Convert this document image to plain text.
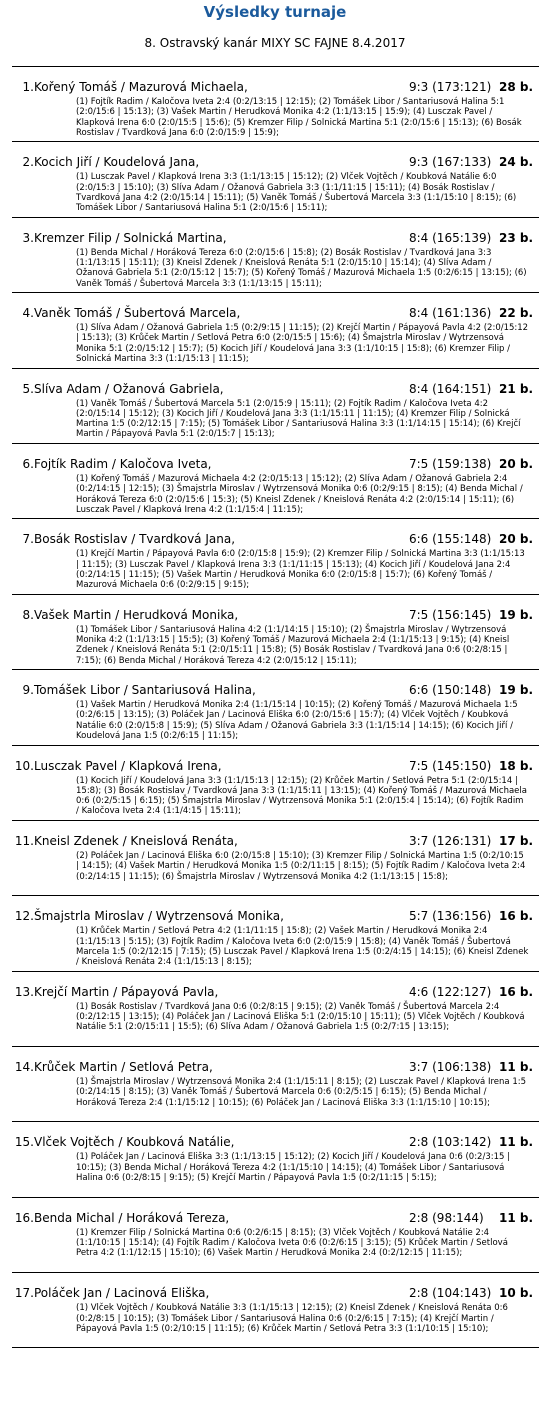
Výsledky turnaje
8. Ostravský kanár MIXY SC FAJNE 8.4.2017
1. Kořený Tomáš / Mazurová Michaela,	9:3 (173:121) 28 b.
(1) Fojtík Radim / Kaločova Iveta 2:4 (0:2/13:15 | 12:15); (2) Tomášek Libor / Santariusová Halina 5:1 (2:0/15:6 | 15:13); (3) Vašek Martin / Herudková Monika 4:2 (1:1/13:15 | 15:9); (4) Lusczak Pavel / Klapková Irena 6:0 (2:0/15:5 | 15:6); (5) Kremzer Filip / Solnická Martina 5:1 (2:0/15:6 | 15:13); (6) Bosák Rostislav / Tvardková Jana 6:0 (2:0/15:9 | 15:9);
2. Kocich Jiří / Koudelová Jana,	9:3 (167:133) 24 b.
(1) Lusczak Pavel / Klapková Irena 3:3 (1:1/13:15 | 15:12); (2) Vlček Vojtěch / Koubková Natálie 6:0 (2:0/15:3 | 15:10); (3) Slíva Adam / Ožanová Gabriela 3:3 (1:1/11:15 | 15:11); (4) Bosák Rostislav / Tvardková Jana 4:2 (2:0/15:14 | 15:11); (5) Vaněk Tomáš / Šubertová Marcela 3:3 (1:1/15:10 | 8:15); (6) Tomášek Libor / Santariusová Halina 5:1 (2:0/15:6 | 15:11);
3. Kremzer Filip / Solnická Martina,	8:4 (165:139) 23 b.
(1) Benda Michal / Horáková Tereza 6:0 (2:0/15:6 | 15:8); (2) Bosák Rostislav / Tvardková Jana 3:3 (1:1/13:15 | 15:11); (3) Kneisl Zdenek / Kneislová Renáta 5:1 (2:0/15:10 | 15:14); (4) Slíva Adam / Ožanová Gabriela 5:1 (2:0/15:12 | 15:7); (5) Kořený Tomáš / Mazurová Michaela 1:5 (0:2/6:15 | 13:15); (6) Vaněk Tomáš / Šubertová Marcela 3:3 (1:1/13:15 | 15:11);
4. Vaněk Tomáš / Šubertová Marcela,	8:4 (161:136) 22 b.
(1) Slíva Adam / Ožanová Gabriela 1:5 (0:2/9:15 | 11:15); (2) Krejčí Martin / Pápayová Pavla 4:2 (2:0/15:12 | 15:13); (3) Krůček Martin / Setlová Petra 6:0 (2:0/15:5 | 15:6); (4) Šmajstrla Miroslav / Wytrzensová Monika 5:1 (2:0/15:12 | 15:7); (5) Kocich Jiří / Koudelová Jana 3:3 (1:1/10:15 | 15:8); (6) Kremzer Filip / Solnická Martina 3:3 (1:1/15:13 | 11:15);
5. Slíva Adam / Ožanová Gabriela,	8:4 (164:151) 21 b.
(1) Vaněk Tomáš / Šubertová Marcela 5:1 (2:0/15:9 | 15:11); (2) Fojtík Radim / Kaločova Iveta 4:2 (2:0/15:14 | 15:12); (3) Kocich Jiří / Koudelová Jana 3:3 (1:1/15:11 | 11:15); (4) Kremzer Filip / Solnická Martina 1:5 (0:2/12:15 | 7:15); (5) Tomášek Libor / Santariusová Halina 3:3 (1:1/14:15 | 15:14); (6) Krejčí Martin / Pápayová Pavla 5:1 (2:0/15:7 | 15:13);
6. Fojtík Radim / Kaločova Iveta,	7:5 (159:138) 20 b.
(1) Kořený Tomáš / Mazurová Michaela 4:2 (2:0/15:13 | 15:12); (2) Slíva Adam / Ožanová Gabriela 2:4 (0:2/14:15 | 12:15); (3) Šmajstrla Miroslav / Wytrzensová Monika 0:6 (0:2/9:15 | 8:15); (4) Benda Michal / Horáková Tereza 6:0 (2:0/15:6 | 15:3); (5) Kneisl Zdenek / Kneislová Renáta 4:2 (2:0/15:14 | 15:11); (6) Lusczak Pavel / Klapková Irena 4:2 (1:1/15:4 | 11:15);
7. Bosák Rostislav / Tvardková Jana,	6:6 (155:148) 20 b.
(1) Krejčí Martin / Pápayová Pavla 6:0 (2:0/15:8 | 15:9); (2) Kremzer Filip / Solnická Martina 3:3 (1:1/15:13 | 11:15); (3) Lusczak Pavel / Klapková Irena 3:3 (1:1/11:15 | 15:13); (4) Kocich Jiří / Koudelová Jana 2:4 (0:2/14:15 | 11:15); (5) Vašek Martin / Herudková Monika 6:0 (2:0/15:8 | 15:7); (6) Kořený Tomáš / Mazurová Michaela 0:6 (0:2/9:15 | 9:15);
8. Vašek Martin / Herudková Monika,	7:5 (156:145) 19 b.
(1) Tomášek Libor / Santariusová Halina 4:2 (1:1/14:15 | 15:10); (2) Šmajstrla Miroslav / Wytrzensová Monika 4:2 (1:1/13:15 | 15:5); (3) Kořený Tomáš / Mazurová Michaela 2:4 (1:1/15:13 | 9:15); (4) Kneisl Zdenek / Kneislová Renáta 5:1 (2:0/15:11 | 15:8); (5) Bosák Rostislav / Tvardková Jana 0:6 (0:2/8:15 | 7:15); (6) Benda Michal / Horáková Tereza 4:2 (2:0/15:12 | 15:11);
9. Tomášek Libor / Santariusová Halina,	6:6 (150:148) 19 b.
(1) Vašek Martin / Herudková Monika 2:4 (1:1/15:14 | 10:15); (2) Kořený Tomáš / Mazurová Michaela 1:5 (0:2/6:15 | 13:15); (3) Poláček Jan / Lacinová Eliška 6:0 (2:0/15:6 | 15:7); (4) Vlček Vojtěch / Koubková Natálie 6:0 (2:0/15:8 | 15:9); (5) Slíva Adam / Ožanová Gabriela 3:3 (1:1/15:14 | 14:15); (6) Kocich Jiří / Koudelová Jana 1:5 (0:2/6:15 | 11:15);
10. Lusczak Pavel / Klapková Irena,	7:5 (145:150) 18 b.
(1) Kocich Jiří / Koudelová Jana 3:3 (1:1/15:13 | 12:15); (2) Krůček Martin / Setlová Petra 5:1 (2:0/15:14 | 15:8); (3) Bosák Rostislav / Tvardková Jana 3:3 (1:1/15:11 | 13:15); (4) Kořený Tomáš / Mazurová Michaela 0:6 (0:2/5:15 | 6:15); (5) Šmajstrla Miroslav / Wytrzensová Monika 5:1 (2:0/15:4 | 15:14); (6) Fojtík Radim / Kaločova Iveta 2:4 (1:1/4:15 | 15:11);
11. Kneisl Zdenek / Kneislová Renáta,	3:7 (126:131) 17 b.
(2) Poláček Jan / Lacinová Eliška 6:0 (2:0/15:8 | 15:10); (3) Kremzer Filip / Solnická Martina 1:5 (0:2/10:15 | 14:15); (4) Vašek Martin / Herudková Monika 1:5 (0:2/11:15 | 8:15); (5) Fojtík Radim / Kaločova Iveta 2:4 (0:2/14:15 | 11:15); (6) Šmajstrla Miroslav / Wytrzensová Monika 4:2 (1:1/13:15 | 15:8);
12. Šmajstrla Miroslav / Wytrzensová Monika,	5:7 (136:156) 16 b.
(1) Krůček Martin / Setlová Petra 4:2 (1:1/11:15 | 15:8); (2) Vašek Martin / Herudková Monika 2:4 (1:1/15:13 | 5:15); (3) Fojtík Radim / Kaločova Iveta 6:0 (2:0/15:9 | 15:8); (4) Vaněk Tomáš / Šubertová Marcela 1:5 (0:2/12:15 | 7:15); (5) Lusczak Pavel / Klapková Irena 1:5 (0:2/4:15 | 14:15); (6) Kneisl Zdenek / Kneislová Renáta 2:4 (1:1/15:13 | 8:15);
13. Krejčí Martin / Pápayová Pavla,	4:6 (122:127) 16 b.
(1) Bosák Rostislav / Tvardková Jana 0:6 (0:2/8:15 | 9:15); (2) Vaněk Tomáš / Šubertová Marcela 2:4 (0:2/12:15 | 13:15); (4) Poláček Jan / Lacinová Eliška 5:1 (2:0/15:10 | 15:11); (5) Vlček Vojtěch / Koubková Natálie 5:1 (2:0/15:11 | 15:5); (6) Slíva Adam / Ožanová Gabriela 1:5 (0:2/7:15 | 13:15);
14. Krůček Martin / Setlová Petra,	3:7 (106:138) 11 b.
(1) Šmajstrla Miroslav / Wytrzensová Monika 2:4 (1:1/15:11 | 8:15); (2) Lusczak Pavel / Klapková Irena 1:5 (0:2/14:15 | 8:15); (3) Vaněk Tomáš / Šubertová Marcela 0:6 (0:2/5:15 | 6:15); (5) Benda Michal / Horáková Tereza 2:4 (1:1/15:12 | 10:15); (6) Poláček Jan / Lacinová Eliška 3:3 (1:1/15:10 | 10:15);
15. Vlček Vojtěch / Koubková Natálie,	2:8 (103:142) 11 b.
(1) Poláček Jan / Lacinová Eliška 3:3 (1:1/13:15 | 15:12); (2) Kocich Jiří / Koudelová Jana 0:6 (0:2/3:15 | 10:15); (3) Benda Michal / Horáková Tereza 4:2 (1:1/15:10 | 14:15); (4) Tomášek Libor / Santariusová Halina 0:6 (0:2/8:15 | 9:15); (5) Krejčí Martin / Pápayová Pavla 1:5 (0:2/11:15 | 5:15);
16. Benda Michal / Horáková Tereza,	2:8 (98:144)	11 b.
(1) Kremzer Filip / Solnická Martina 0:6 (0:2/6:15 | 8:15); (3) Vlček Vojtěch / Koubková Natálie 2:4 (1:1/10:15 | 15:14); (4) Fojtík Radim / Kaločova Iveta 0:6 (0:2/6:15 | 3:15); (5) Krůček Martin / Setlová Petra 4:2 (1:1/12:15 | 15:10); (6) Vašek Martin / Herudková Monika 2:4 (0:2/12:15 | 11:15);
17. Poláček Jan / Lacinová Eliška,	2:8 (104:143) 10 b.
(1) Vlček Vojtěch / Koubková Natálie 3:3 (1:1/15:13 | 12:15); (2) Kneisl Zdenek / Kneislová Renáta 0:6 (0:2/8:15 | 10:15); (3) Tomášek Libor / Santariusová Halina 0:6 (0:2/6:15 | 7:15); (4) Krejčí Martin / Pápayová Pavla 1:5 (0:2/10:15 | 11:15); (6) Krůček Martin / Setlová Petra 3:3 (1:1/10:15 | 15:10);
